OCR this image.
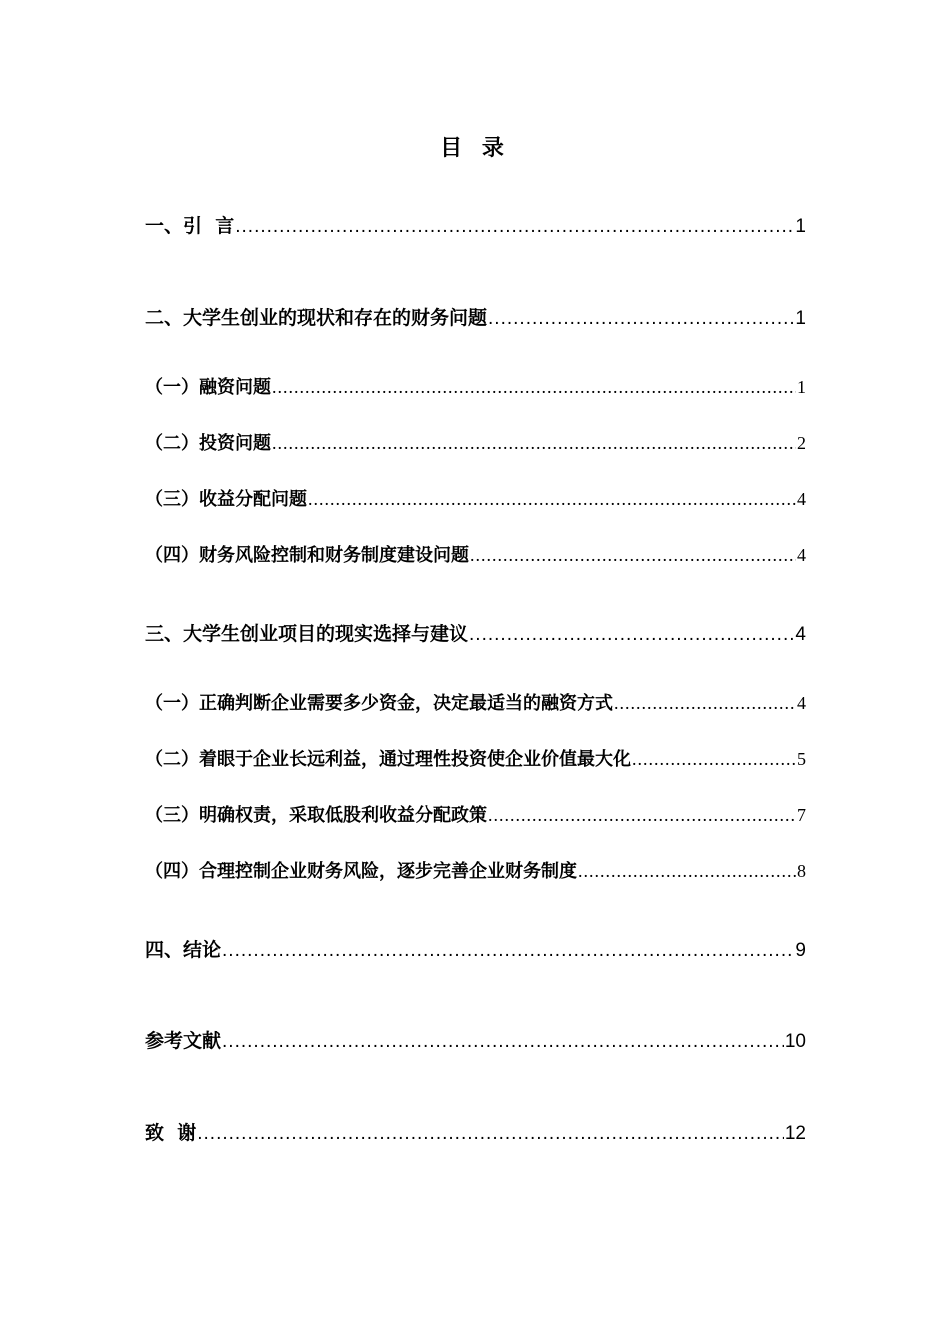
目 录
一、引  言 .....	1
二、大学生创业的现状和存在的财务问题 .....	1
（一）融资问题 .....	1
（二）投资问题 .....	2
（三）收益分配问题 .....	4
（四）财务风险控制和财务制度建设问题 .....	4
三、大学生创业项目的现实选择与建议 .....	4
（一）正确判断企业需要多少资金，决定最适当的融资方式 .....	4
（二）着眼于企业长远利益，通过理性投资使企业价值最大化 .....	5
（三）明确权责，采取低股利收益分配政策 .....	7
（四）合理控制企业财务风险，逐步完善企业财务制度 .....	8
四、结论 .....	9
参考文献 .....	10
致  谢 .....	12
